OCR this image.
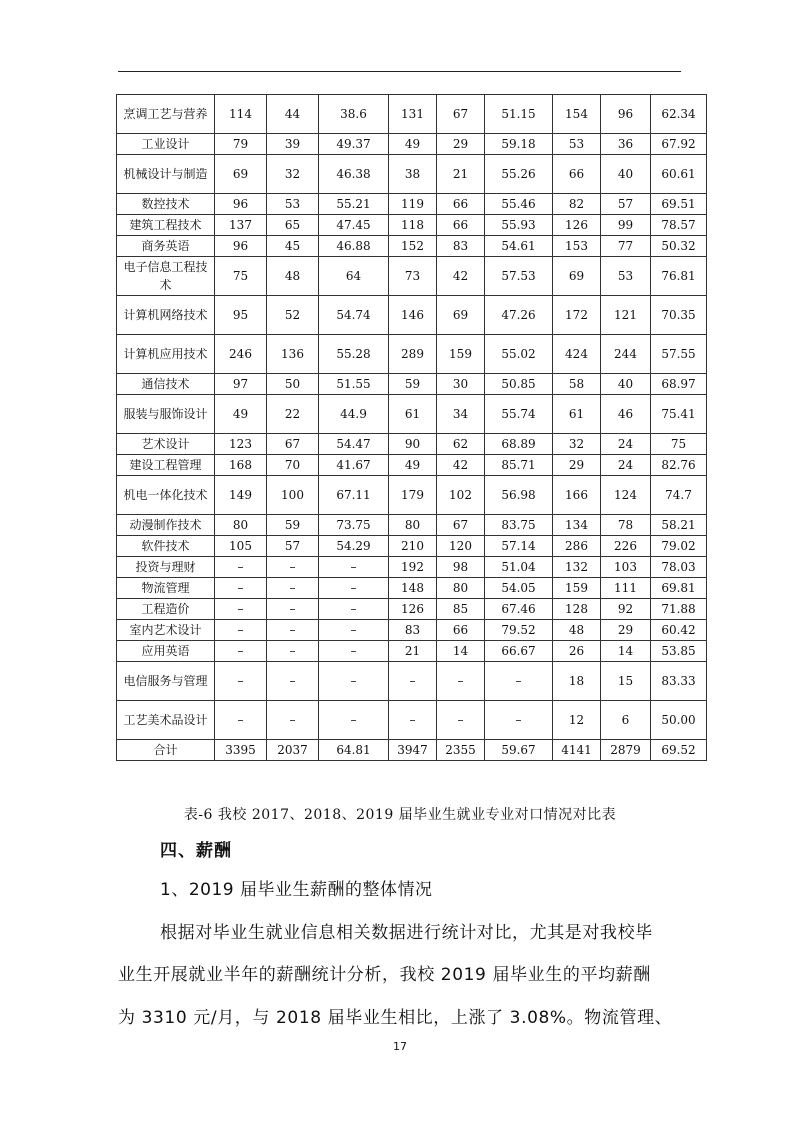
烹调工艺与营养	114	44	38.6	131	67	51.15	154	96	62.34
工业设计	79	39	49.37	49	29	59.18	53	36	67.92
机械设计与制造	69	32	46.38	38	21	55.26	66	40	60.61
数控技术	96	53	55.21	119	66	55.46	82	57	69.51
建筑工程技术	137	65	47.45	118	66	55.93	126	99	78.57
商务英语	96	45	46.88	152	83	54.61	153	77	50.32
电子信息工程技术	75	48	64	73	42	57.53	69	53	76.81
计算机网络技术	95	52	54.74	146	69	47.26	172	121	70.35
计算机应用技术	246	136	55.28	289	159	55.02	424	244	57.55
通信技术	97	50	51.55	59	30	50.85	58	40	68.97
服装与服饰设计	49	22	44.9	61	34	55.74	61	46	75.41
艺术设计	123	67	54.47	90	62	68.89	32	24	75
建设工程管理	168	70	41.67	49	42	85.71	29	24	82.76
机电一体化技术	149	100	67.11	179	102	56.98	166	124	74.7
动漫制作技术	80	59	73.75	80	67	83.75	134	78	58.21
软件技术	105	57	54.29	210	120	57.14	286	226	79.02
投资与理财	–	–	–	192	98	51.04	132	103	78.03
物流管理	–	–	–	148	80	54.05	159	111	69.81
工程造价	–	–	–	126	85	67.46	128	92	71.88
室内艺术设计	–	–	–	83	66	79.52	48	29	60.42
应用英语	–	–	–	21	14	66.67	26	14	53.85
电信服务与管理	–	–	–	–	–	–	18	15	83.33
工艺美术品设计	–	–	–	–	–	–	12	6	50.00
合计	3395	2037	64.81	3947	2355	59.67	4141	2879	69.52
表-6 我校 2017、2018、2019 届毕业生就业专业对口情况对比表
四、薪酬
1、2019 届毕业生薪酬的整体情况
根据对毕业生就业信息相关数据进行统计对比，尤其是对我校毕
业生开展就业半年的薪酬统计分析，我校 2019 届毕业生的平均薪酬
为 3310 元/月，与 2018 届毕业生相比，上涨了 3.08%。物流管理、
17
